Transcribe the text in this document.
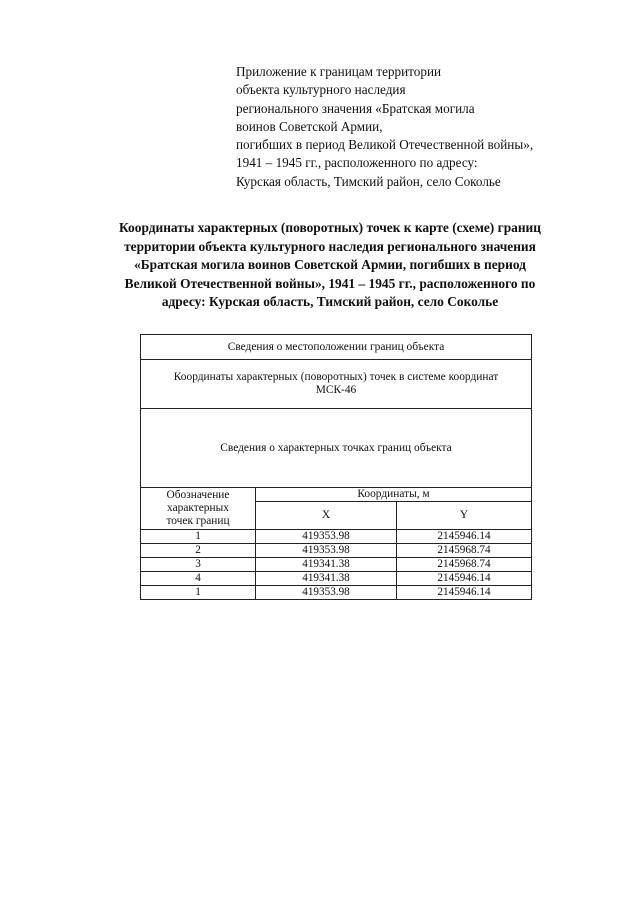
Приложение к границам территории
объекта культурного наследия
регионального значения «Братская могила
воинов Советской Армии,
погибших в период Великой Отечественной войны»,
1941 – 1945 гг., расположенного по адресу:
Курская область, Тимский район, село Соколье
Координаты характерных (поворотных) точек к карте (схеме) границ
территории объекта культурного наследия регионального значения
«Братская могила воинов Советской Армии, погибших в период
Великой Отечественной войны», 1941 – 1945 гг., расположенного по
адресу: Курская область, Тимский район, село Соколье
Сведения о местоположении границ объекта		
Координаты характерных (поворотных) точек в системе координат
МСК-46		
Сведения о характерных точках границ объекта		
Обозначение
характерных
точек границ	Координаты, м	
	X	Y
1	419353.98	2145946.14
2	419353.98	2145968.74
3	419341.38	2145968.74
4	419341.38	2145946.14
1	419353.98	2145946.14
